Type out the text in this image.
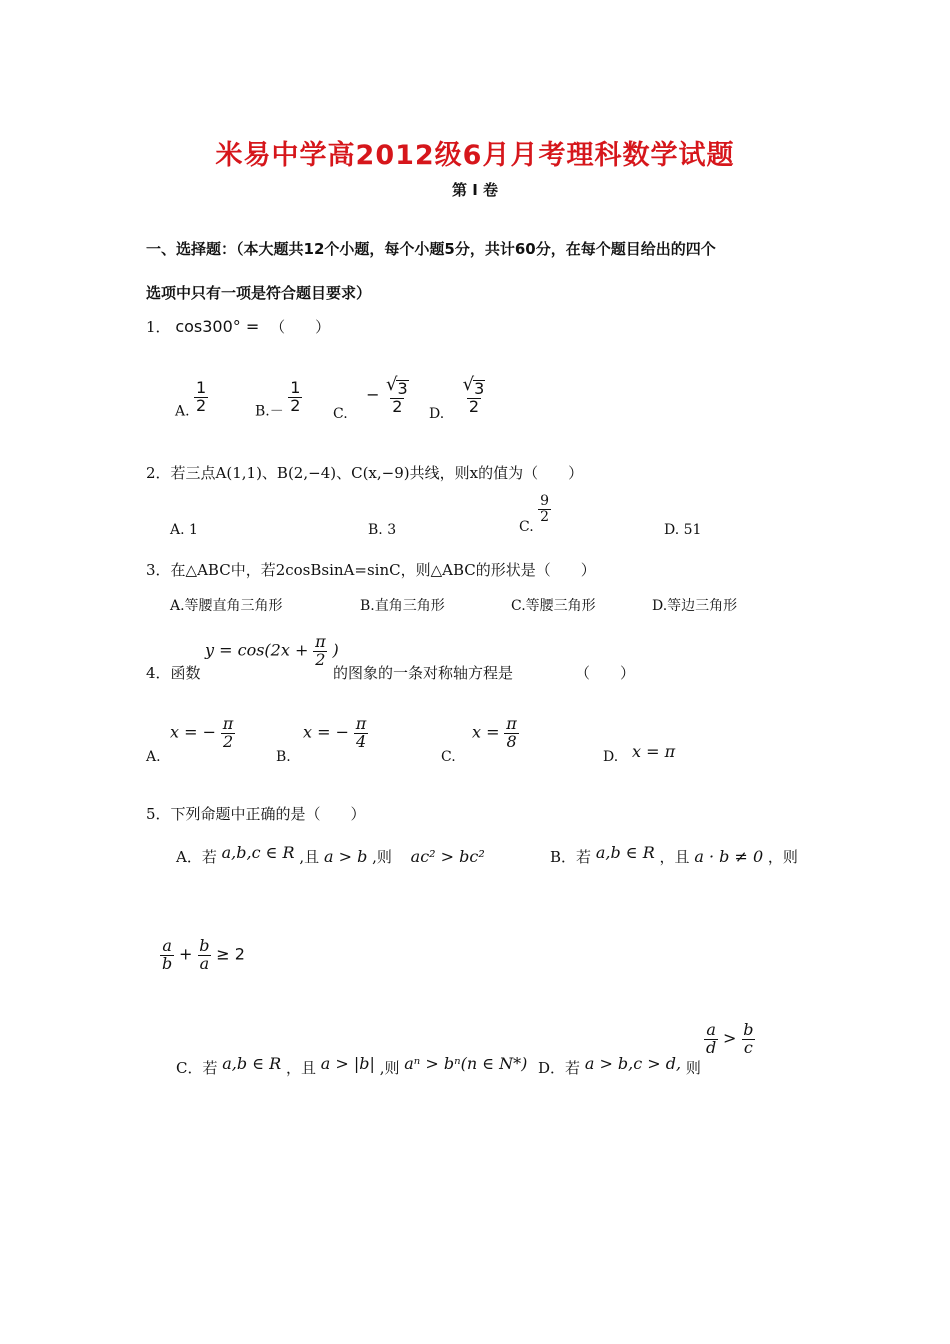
米易中学高2012级6月月考理科数学试题
第 I 卷
一、选择题：（本大题共12个小题，每个小题5分，共计60分，在每个题目给出的四个
选项中只有一项是符合题目要求）
1． cos300° = （　　）
A. $\frac{1}{2}$	$B.- \frac{1}{2} C$. − $\frac{√ 3}{2} D$. $\frac{√ 3}{2}$
2．若三点A(1,1)、B(2,−4)、C(x,−9)共线，则x的值为（　　）
A. 1	B. 3	C.
$\frac{9}{2}$
D. 51
3．在△ABC中，若2cosBsinA=sinC，则△ABC的形状是（　　）
A.等腰直角三角形	B.直角三角形	C.等腰三角形	D.等边三角形
4．函数
$y = \cos(2x + \frac{\pi}{2}$ )
的图象的一条对称轴方程是	（　　）
A.
x = − $\frac{\pi}{2}$
B.
x = − $\frac{\pi}{4}$
C.
$x = \frac{\pi}{8}$
D. x = π
5．下列命题中正确的是（　　）
A．若 a,b,c ∈ R ,且 a > b ,则 ac² > bc²	B．若 a,b ∈ R ，且 a · b ≠ 0 ，则
$\frac{a}{b} + \frac{b}{a} \ge 2$
C．若 a,b ∈ R ，且 a > |b| ,则 aⁿ > bⁿ(n ∈ N*) D．若 a > b,c > d, 则
$\frac{a}{d} > \frac{b}{c}$
